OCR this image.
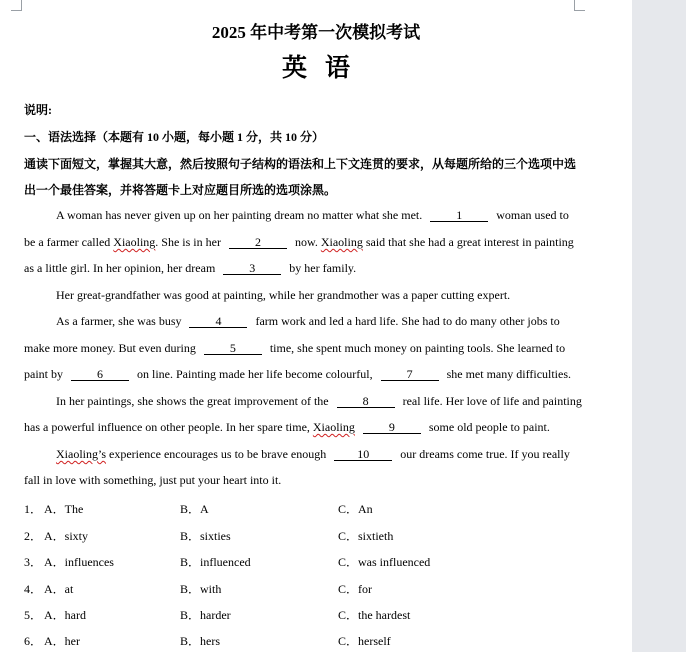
2025 年中考第一次模拟考试
英语
说明:
一、语法选择（本题有 10 小题，每小题 1 分，共 10 分）
通读下面短文，掌握其大意，然后按照句子结构的语法和上下文连贯的要求，从每题所给的三个选项中选
出一个最佳答案，并将答题卡上对应题目所选的选项涂黑。
A woman has never given up on her painting dream no matter what she met.	1	woman used to
be a farmer called Xiaoling. She is in her	2	now. Xiaoling said that she had a great interest in painting
as a little girl. In her opinion, her dream	3	by her family.
Her great-grandfather was good at painting, while her grandmother was a paper cutting expert.
As a farmer, she was busy	4	farm work and led a hard life. She had to do many other jobs to
make more money. But even during	5	time, she spent much money on painting tools. She learned to
paint by	6	on line. Painting made her life become colourful,	7	she met many difficulties.
In her paintings, she shows the great improvement of the	8	real life. Her love of life and painting
has a powerful influence on other people. In her spare time, Xiaoling	9	some old people to paint.
Xiaoling’s experience encourages us to be brave enough	10	our dreams come true. If you really
fall in love with something, just put your heart into it.
1． A．The	B．A	C．An
2． A．sixty	B．sixties	C．sixtieth
3． A．influences	B．influenced	C．was influenced
4． A．at	B．with	C．for
5． A．hard	B．harder	C．the hardest
6． A．her	B．hers	C．herself
